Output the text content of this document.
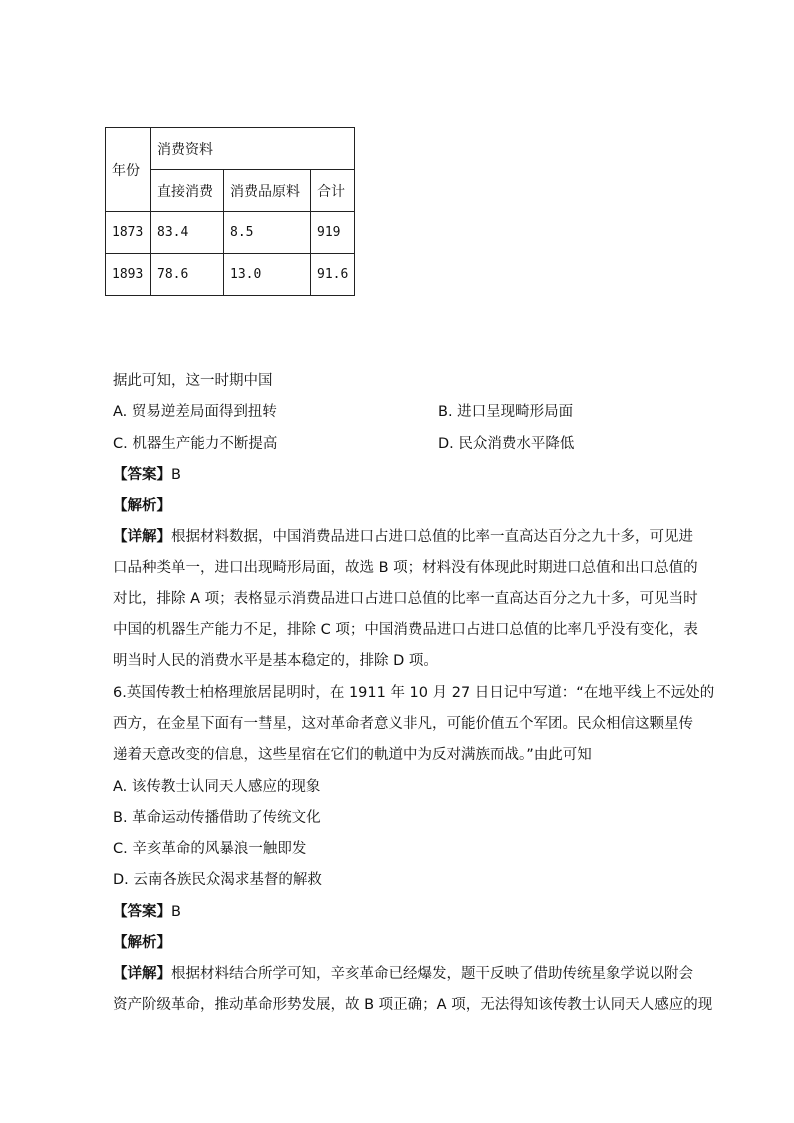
年份	消费资料		
	直接消费	消费品原料	合计
1873	83.4	8.5	919
1893	78.6	13.0	91.6
据此可知，这一时期中国
A. 贸易逆差局面得到扭转	B. 进口呈现畸形局面
C. 机器生产能力不断提高	D. 民众消费水平降低
【答案】B
【解析】
【详解】根据材料数据，中国消费品进口占进口总值的比率一直高达百分之九十多，可见进
口品种类单一，进口出现畸形局面，故选 B 项；材料没有体现此时期进口总值和出口总值的
对比，排除 A 项；表格显示消费品进口占进口总值的比率一直高达百分之九十多，可见当时
中国的机器生产能力不足，排除 C 项；中国消费品进口占进口总值的比率几乎没有变化，表
明当时人民的消费水平是基本稳定的，排除 D 项。
6.英国传教士柏格理旅居昆明时，在 1911 年 10 月 27 日日记中写道：“在地平线上不远处的
西方，在金星下面有一彗星，这对革命者意义非凡，可能价值五个军团。民众相信这颗星传
递着天意改变的信息，这些星宿在它们的軌道中为反对满族而战。”由此可知
A. 该传教士认同天人感应的现象
B. 革命运动传播借助了传统文化
C. 辛亥革命的风暴浪一触即发
D. 云南各族民众渴求基督的解救
【答案】B
【解析】
【详解】根据材料结合所学可知，辛亥革命已经爆发，题干反映了借助传统星象学说以附会
资产阶级革命，推动革命形势发展，故 B 项正确；A 项，无法得知该传教士认同天人感应的现
